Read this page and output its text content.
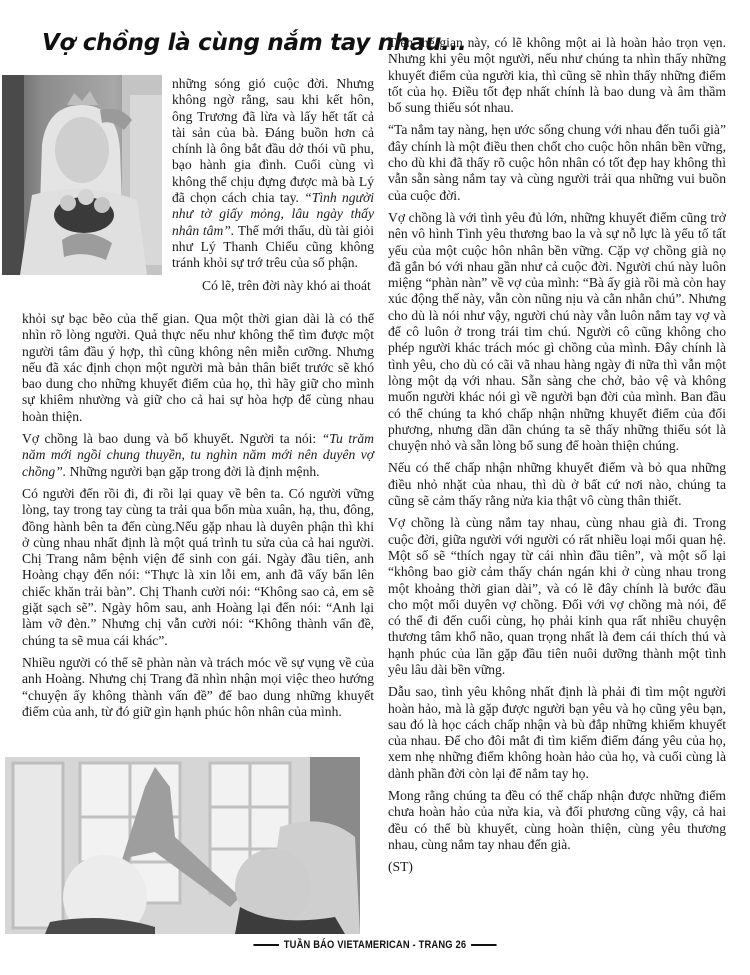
Vợ chồng là cùng nắm tay nhau...

những sóng gió cuộc đời. Nhưng không ngờ rằng, sau khi kết hôn, ông Trương đã lừa và lấy hết tất cả tài sản của bà. Đáng buồn hơn cả chính là ông bắt đầu dở thói vũ phu, bạo hành gia đình. Cuối cùng vì không thể chịu đựng được mà bà Lý đã chọn cách chia tay. “Tình người như tờ giấy mỏng, lâu ngày thấy nhân tâm”. Thế mới thấu, dù tài giỏi như Lý Thanh Chiếu cũng không tránh khỏi sự trớ trêu của số phận.

Có lẽ, trên đời này khó ai thoát

khỏi sự bạc bẽo của thế gian. Qua một thời gian dài là có thể nhìn rõ lòng người. Quả thực nếu như không thể tìm được một người tâm đầu ý hợp, thì cũng không nên miễn cưỡng. Nhưng nếu đã xác định chọn một người mà bản thân biết trước sẽ khó bao dung cho những khuyết điểm của họ, thì hãy giữ cho mình sự khiêm nhường và giữ cho cả hai sự hòa hợp để cùng nhau hoàn thiện.

Vợ chồng là bao dung và bổ khuyết. Người ta nói: “Tu trăm năm mới ngồi chung thuyền, tu nghìn năm mới nên duyên vợ chồng”. Những người bạn gặp trong đời là định mệnh.

Có người đến rồi đi, đi rồi lại quay về bên ta. Có người vững lòng, tay trong tay cùng ta trải qua bốn mùa xuân, hạ, thu, đông, đồng hành bên ta đến cùng.Nếu gặp nhau là duyên phận thì khi ở cùng nhau nhất định là một quá trình tu sửa của cả hai người. Chị Trang nằm bệnh viện để sinh con gái. Ngày đầu tiên, anh Hoàng chạy đến nói: “Thực là xin lỗi em, anh đã vấy bẩn lên chiếc khăn trải bàn”. Chị Thanh cười nói: “Không sao cả, em sẽ giặt sạch sẽ”. Ngày hôm sau, anh Hoàng lại đến nói: “Anh lại làm vỡ đèn.” Nhưng chị vẫn cười nói: “Không thành vấn đề, chúng ta sẽ mua cái khác”.

Nhiều người có thể sẽ phàn nàn và trách móc về sự vụng về của anh Hoàng. Nhưng chị Trang đã nhìn nhận mọi việc theo hướng “chuyện ấy không thành vấn đề” để bao dung những khuyết điểm của anh, từ đó giữ gìn hạnh phúc hôn nhân của mình.

Trên thế gian này, có lẽ không một ai là hoàn hảo trọn vẹn. Nhưng khi yêu một người, nếu như chúng ta nhìn thấy những khuyết điểm của người kia, thì cũng sẽ nhìn thấy những điểm tốt của họ. Điều tốt đẹp nhất chính là bao dung và âm thầm bổ sung thiếu sót nhau.

“Ta nắm tay nàng, hẹn ước sống chung với nhau đến tuổi già” đây chính là một điều then chốt cho cuộc hôn nhân bền vững, cho dù khi đã thấy rõ cuộc hôn nhân có tốt đẹp hay không thì vẫn sẵn sàng nắm tay và cùng người trải qua những vui buồn của cuộc đời.

Vợ chồng là với tình yêu đủ lớn, những khuyết điểm cũng trở nên vô hình Tình yêu thương bao la và sự nỗ lực là yếu tố tất yếu của một cuộc hôn nhân bền vững. Cặp vợ chồng già nọ đã gắn bó với nhau gần như cả cuộc đời. Người chú này luôn miệng “phàn nàn” về vợ của mình: “Bà ấy già rồi mà còn hay xúc động thế này, vẫn còn nũng nịu và cằn nhằn chú”. Nhưng cho dù là nói như vậy, người chú này vẫn luôn nắm tay vợ và để cô luôn ở trong trái tim chú. Người cô cũng không cho phép người khác trách móc gì chồng của mình. Đây chính là tình yêu, cho dù có cãi vã nhau hàng ngày đi nữa thì vẫn một lòng một dạ với nhau. Sẵn sàng che chở, bảo vệ và không muốn người khác nói gì về người bạn đời của mình. Ban đầu có thể chúng ta khó chấp nhận những khuyết điểm của đối phương, nhưng dần dần chúng ta sẽ thấy những thiếu sót là chuyện nhỏ và sẵn lòng bổ sung để hoàn thiện chúng.

Nếu có thể chấp nhận những khuyết điểm và bỏ qua những điều nhỏ nhặt của nhau, thì dù ở bất cứ nơi nào, chúng ta cũng sẽ cảm thấy rằng nửa kia thật vô cùng thân thiết.

Vợ chồng là cùng nắm tay nhau, cùng nhau già đi. Trong cuộc đời, giữa người với người có rất nhiều loại mối quan hệ. Một số sẽ “thích ngay từ cái nhìn đầu tiên”, và một số lại “không bao giờ cảm thấy chán ngán khi ở cùng nhau trong một khoảng thời gian dài”, và có lẽ đây chính là bước đầu cho một mối duyên vợ chồng. Đối với vợ chồng mà nói, để có thể đi đến cuối cùng, họ phải kinh qua rất nhiều chuyện thương tâm khổ não, quan trọng nhất là đem cái thích thú và hạnh phúc của lần gặp đầu tiên nuôi dưỡng thành một tình yêu lâu dài bền vững.

Dẫu sao, tình yêu không nhất định là phải đi tìm một người hoàn hảo, mà là gặp được người bạn yêu và họ cũng yêu bạn, sau đó là học cách chấp nhận và bù đắp những khiếm khuyết của nhau. Để cho đôi mắt đi tìm kiếm điểm đáng yêu của họ, xem nhẹ những điểm không hoàn hảo của họ, và cuối cùng là dành phần đời còn lại để nắm tay họ.

Mong rằng chúng ta đều có thể chấp nhận được những điểm chưa hoàn hảo của nửa kia, và đối phương cũng vậy, cả hai đều có thể bù khuyết, cùng hoàn thiện, cùng yêu thương nhau, cùng nắm tay nhau đến già.

(ST)

TUẦN BÁO VIETAMERICAN - TRANG 26
